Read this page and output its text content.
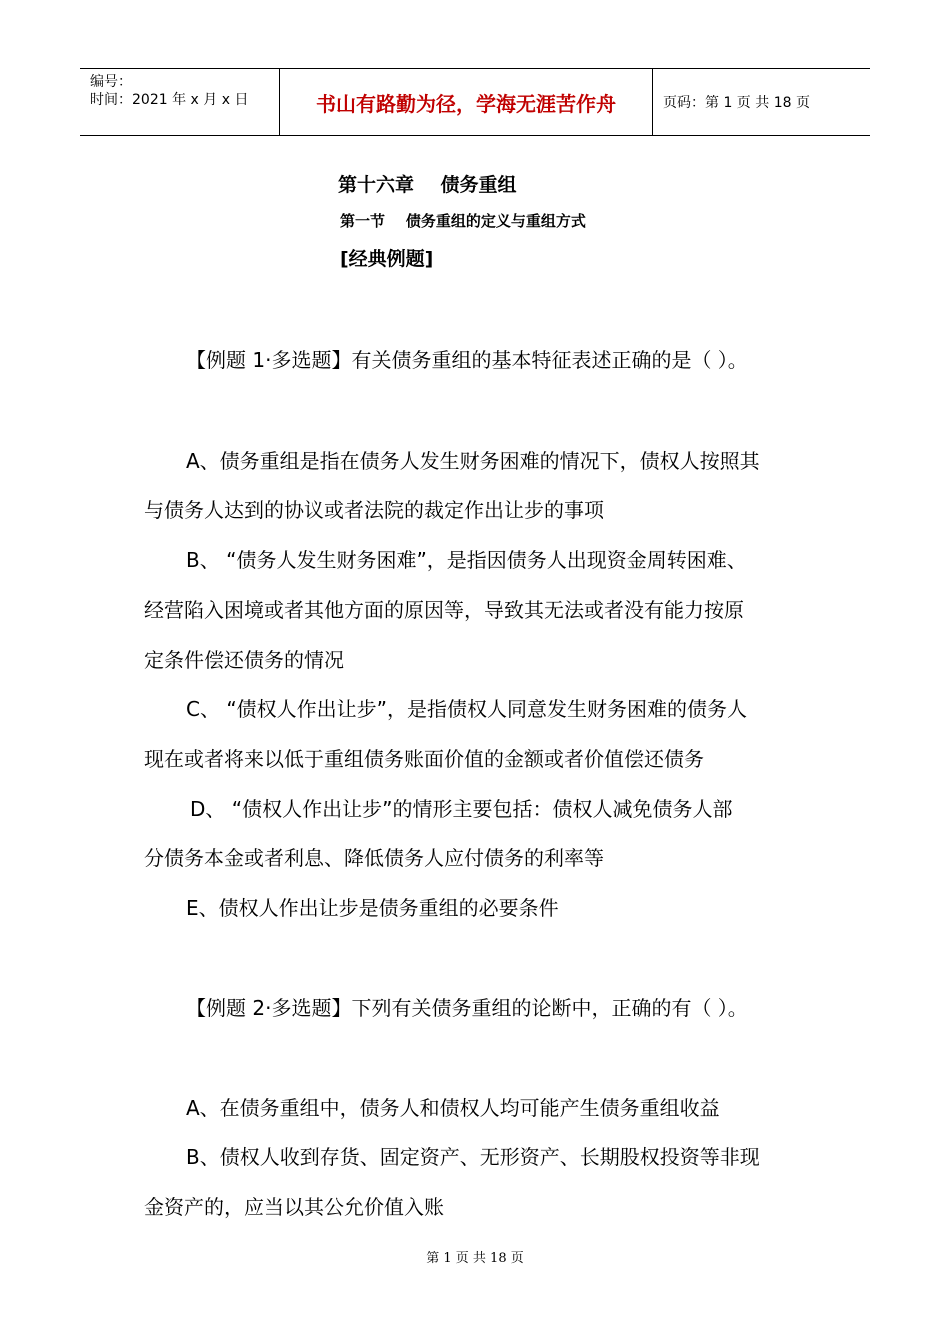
编号：
时间：2021 年 x 月 x 日	书山有路勤为径，学海无涯苦作舟	页码：第 1 页 共 18 页
第十六章    债务重组
第一节    债务重组的定义与重组方式
[经典例题]
【例题 1·多选题】有关债务重组的基本特征表述正确的是（ ）。
A、债务重组是指在债务人发生财务困难的情况下，债权人按照其
与债务人达到的协议或者法院的裁定作出让步的事项
B、 “债务人发生财务困难”，是指因债务人出现资金周转困难、
经营陷入困境或者其他方面的原因等，导致其无法或者没有能力按原
定条件偿还债务的情况
C、 “债权人作出让步”，是指债权人同意发生财务困难的债务人
现在或者将来以低于重组债务账面价值的金额或者价值偿还债务
D、 “债权人作出让步”的情形主要包括：债权人减免债务人部
分债务本金或者利息、降低债务人应付债务的利率等
E、债权人作出让步是债务重组的必要条件
【例题 2·多选题】下列有关债务重组的论断中，正确的有（ ）。
A、在债务重组中，债务人和债权人均可能产生债务重组收益
B、债权人收到存货、固定资产、无形资产、长期股权投资等非现
金资产的，应当以其公允价值入账
第 1 页 共 18 页
